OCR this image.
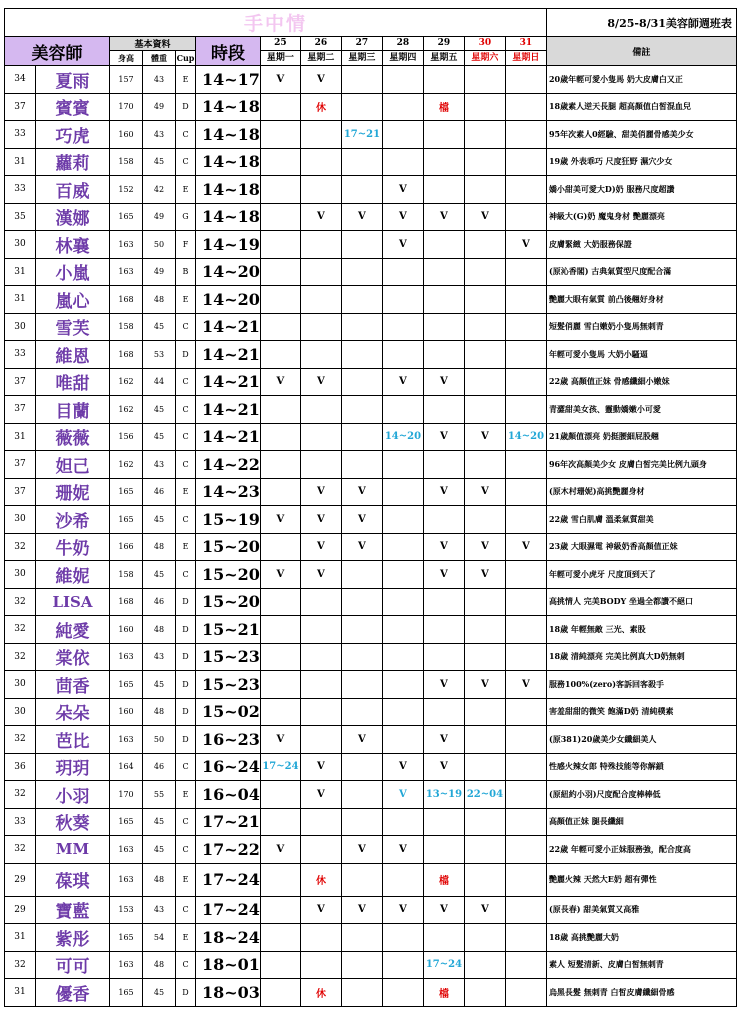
手中情													8/25-8/31美容師週班表
美容師		基本資料			時段	25	26	27	28	29	30	31	備註
		身高	體重	Cup		星期一	星期二	星期三	星期四	星期五	星期六	星期日	
34	夏雨	157	43	E	14~17	V	V						20歲年輕可愛小隻馬 奶大皮膚白又正
37	賓賓	170	49	D	14~18		休			檔			18歲素人逆天長腿 超高顏值白皙混血兒
33	巧虎	160	43	C	14~18			17~21					95年次素人0經驗、甜美俏麗骨感美少女
31	蘿莉	158	45	C	14~18								19歲 外表乖巧 尺度狂野 濕穴少女
33	百威	152	42	E	14~18				V				嬌小甜美可愛大D)奶 服務尺度超讚
35	漢娜	165	49	G	14~18		V	V	V	V	V		神級大(G)奶 魔鬼身材 艷麗漂亮
30	林襄	163	50	F	14~19				V			V	皮膚緊緻 大奶服務保證
31	小嵐	163	49	B	14~20								(原沁香閣) 古典氣質型尺度配合滿
31	嵐心	168	48	E	14~20								艷麗大眼有氣質 前凸後翹好身材
30	雪芙	158	45	C	14~21								短髮俏麗 雪白嫩奶小隻馬無刺青
33	維恩	168	53	D	14~21								年輕可愛小隻馬 大奶小騷逼
37	唯甜	162	44	C	14~21	V	V		V	V			22歲 高顏值正妹 骨感纖細小嫩妹
37	目蘭	162	45	C	14~21								青澀甜美女孩、靈動嬌嫩小可愛
31	薇薇	156	45	C	14~21				14~20	V	V	14~20	21歲顏值漂亮 奶挺腰細屁股翹
37	妲己	162	43	C	14~22								96年次高顏美少女 皮膚白皙完美比例九頭身
37	珊妮	165	46	E	14~23		V	V		V	V		(原木村珊妮)高挑艷麗身材
30	沙希	165	45	C	15~19	V	V	V					22歲 雪白肌膚 溫柔氣質甜美
32	牛奶	166	48	E	15~20		V	V		V	V	V	23歲 大眼濕電 神級奶香高顏值正妹
30	維妮	158	45	C	15~20	V	V			V	V		年輕可愛小虎牙 尺度頂到天了
32	LISA	168	46	D	15~20								高挑情人 完美BODY 坐過全都讚不絕口
32	純愛	160	48	D	15~21								18歲 年輕無敵 三光、素股
32	棠依	163	43	D	15~23								18歲 清純漂亮 完美比例真大D奶無刺
30	茴香	165	45	D	15~23					V	V	V	服務100%(zero)客訴回客殺手
30	朵朵	160	48	D	15~02								害羞甜甜的微笑 飽滿D奶 清純樸素
32	芭比	163	50	D	16~23	V		V		V			(原381)20歲美少女纖細美人
36	玥玥	164	46	C	16~24	17~24	V		V	V			性感火辣女郎 特殊技能等你解鎖
32	小羽	170	55	E	16~04		V		V	13~19	22~04		(原紐約小羽)尺度配合度棒棒低
33	秋葵	165	45	C	17~21								高顏值正妹 腿長纖細
32	MM	163	45	C	17~22	V		V	V				22歲 年輕可愛小正妹服務強，配合度高
29	葆琪	163	48	E	17~24		休			檔			艷麗火辣 天然大E奶 超有彈性
29	寶藍	153	43	C	17~24		V	V	V	V	V		(原長春) 甜美氣質又高雅
31	紫彤	165	54	E	18~24								18歲 高挑艷麗大奶
32	可可	163	48	C	18~01					17~24			素人 短髮清新、皮膚白皙無刺青
31	優香	165	45	D	18~03		休			檔			烏黑長髮 無刺青 白皙皮膚纖細骨感
